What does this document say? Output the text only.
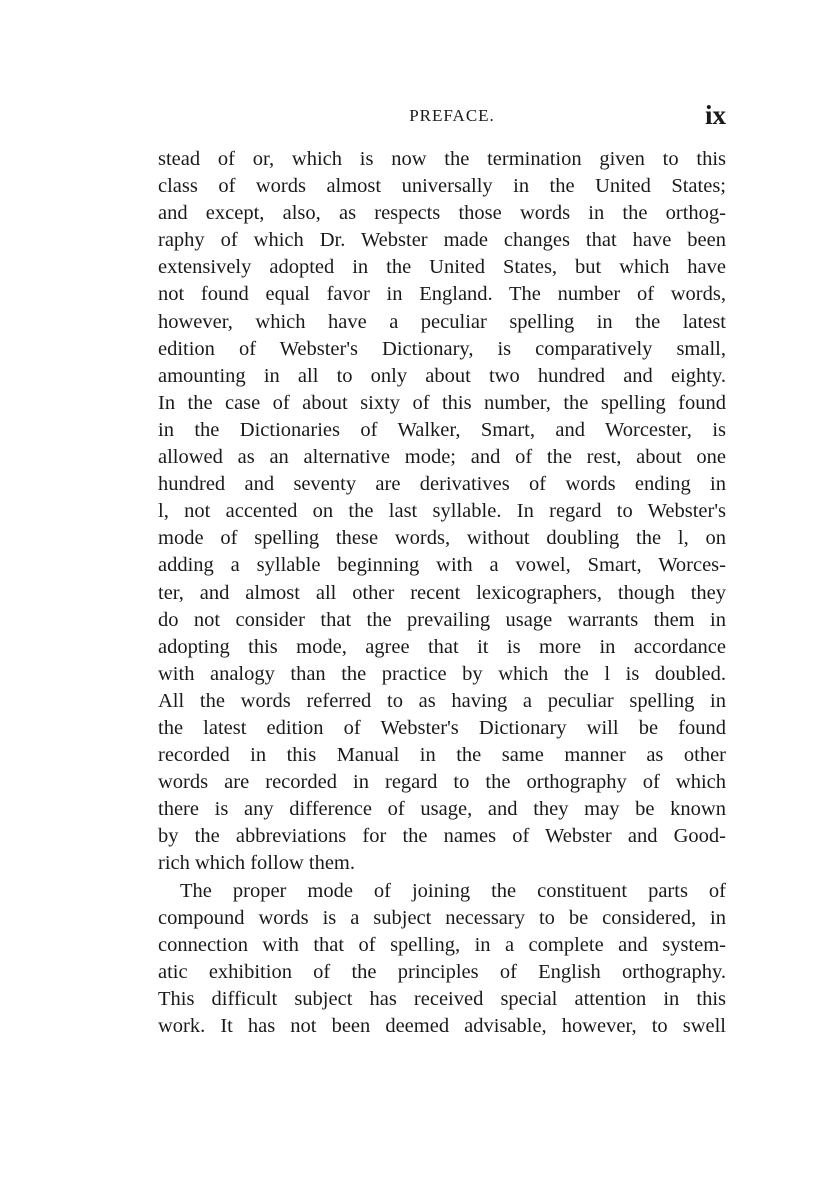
PREFACE.	ix
stead of or, which is now the termination given to this
class of words almost universally in the United States;
and except, also, as respects those words in the orthog-
raphy of which Dr. Webster made changes that have been
extensively adopted in the United States, but which have
not found equal favor in England. The number of words,
however, which have a peculiar spelling in the latest
edition of Webster's Dictionary, is comparatively small,
amounting in all to only about two hundred and eighty.
In the case of about sixty of this number, the spelling found
in the Dictionaries of Walker, Smart, and Worcester, is
allowed as an alternative mode; and of the rest, about one
hundred and seventy are derivatives of words ending in
l, not accented on the last syllable. In regard to Webster's
mode of spelling these words, without doubling the l, on
adding a syllable beginning with a vowel, Smart, Worces-
ter, and almost all other recent lexicographers, though they
do not consider that the prevailing usage warrants them in
adopting this mode, agree that it is more in accordance
with analogy than the practice by which the l is doubled.
All the words referred to as having a peculiar spelling in
the latest edition of Webster's Dictionary will be found
recorded in this Manual in the same manner as other
words are recorded in regard to the orthography of which
there is any difference of usage, and they may be known
by the abbreviations for the names of Webster and Good-
rich which follow them.
The proper mode of joining the constituent parts of
compound words is a subject necessary to be considered, in
connection with that of spelling, in a complete and system-
atic exhibition of the principles of English orthography.
This difficult subject has received special attention in this
work. It has not been deemed advisable, however, to swell
